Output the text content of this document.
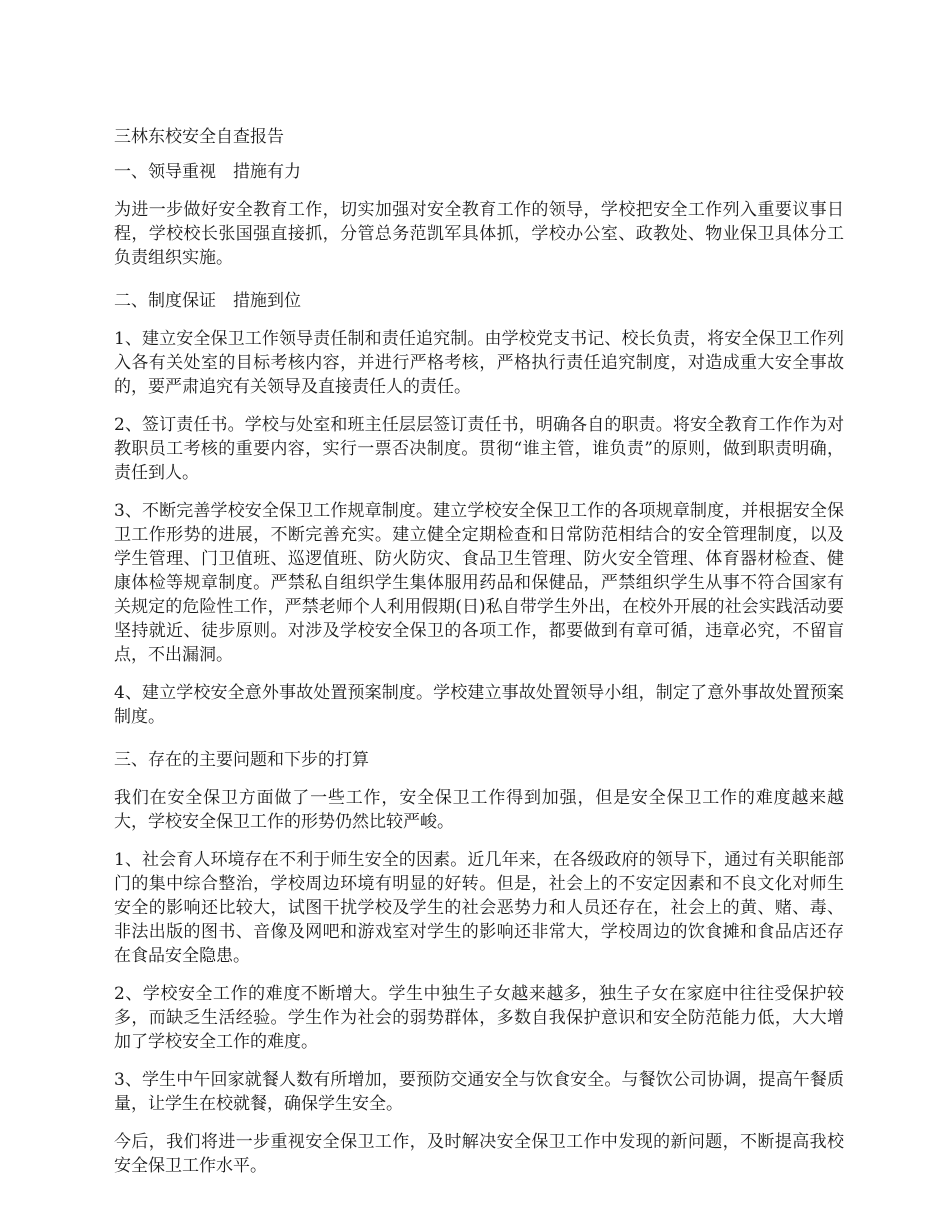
三林东校安全自查报告

一、领导重视　措施有力

为进一步做好安全教育工作，切实加强对安全教育工作的领导，学校把安全工作列入重要议事日程，学校校长张国强直接抓，分管总务范凯军具体抓，学校办公室、政教处、物业保卫具体分工负责组织实施。

二、制度保证　措施到位

1、建立安全保卫工作领导责任制和责任追究制。由学校党支书记、校长负责，将安全保卫工作列入各有关处室的目标考核内容，并进行严格考核，严格执行责任追究制度，对造成重大安全事故的，要严肃追究有关领导及直接责任人的责任。

2、签订责任书。学校与处室和班主任层层签订责任书，明确各自的职责。将安全教育工作作为对教职员工考核的重要内容，实行一票否决制度。贯彻“谁主管，谁负责”的原则，做到职责明确，责任到人。

3、不断完善学校安全保卫工作规章制度。建立学校安全保卫工作的各项规章制度，并根据安全保卫工作形势的进展，不断完善充实。建立健全定期检查和日常防范相结合的安全管理制度，以及学生管理、门卫值班、巡逻值班、防火防灾、食品卫生管理、防火安全管理、体育器材检查、健康体检等规章制度。严禁私自组织学生集体服用药品和保健品，严禁组织学生从事不符合国家有关规定的危险性工作，严禁老师个人利用假期(日)私自带学生外出，在校外开展的社会实践活动要坚持就近、徒步原则。对涉及学校安全保卫的各项工作，都要做到有章可循，违章必究，不留盲点，不出漏洞。

4、建立学校安全意外事故处置预案制度。学校建立事故处置领导小组，制定了意外事故处置预案制度。

三、存在的主要问题和下步的打算

我们在安全保卫方面做了一些工作，安全保卫工作得到加强，但是安全保卫工作的难度越来越大，学校安全保卫工作的形势仍然比较严峻。

1、社会育人环境存在不利于师生安全的因素。近几年来，在各级政府的领导下，通过有关职能部门的集中综合整治，学校周边环境有明显的好转。但是，社会上的不安定因素和不良文化对师生安全的影响还比较大，试图干扰学校及学生的社会恶势力和人员还存在，社会上的黄、赌、毒、非法出版的图书、音像及网吧和游戏室对学生的影响还非常大，学校周边的饮食摊和食品店还存在食品安全隐患。

2、学校安全工作的难度不断增大。学生中独生子女越来越多，独生子女在家庭中往往受保护较多，而缺乏生活经验。学生作为社会的弱势群体，多数自我保护意识和安全防范能力低，大大增加了学校安全工作的难度。

3、学生中午回家就餐人数有所增加，要预防交通安全与饮食安全。与餐饮公司协调，提高午餐质量，让学生在校就餐，确保学生安全。

今后，我们将进一步重视安全保卫工作，及时解决安全保卫工作中发现的新问题，不断提高我校安全保卫工作水平。
